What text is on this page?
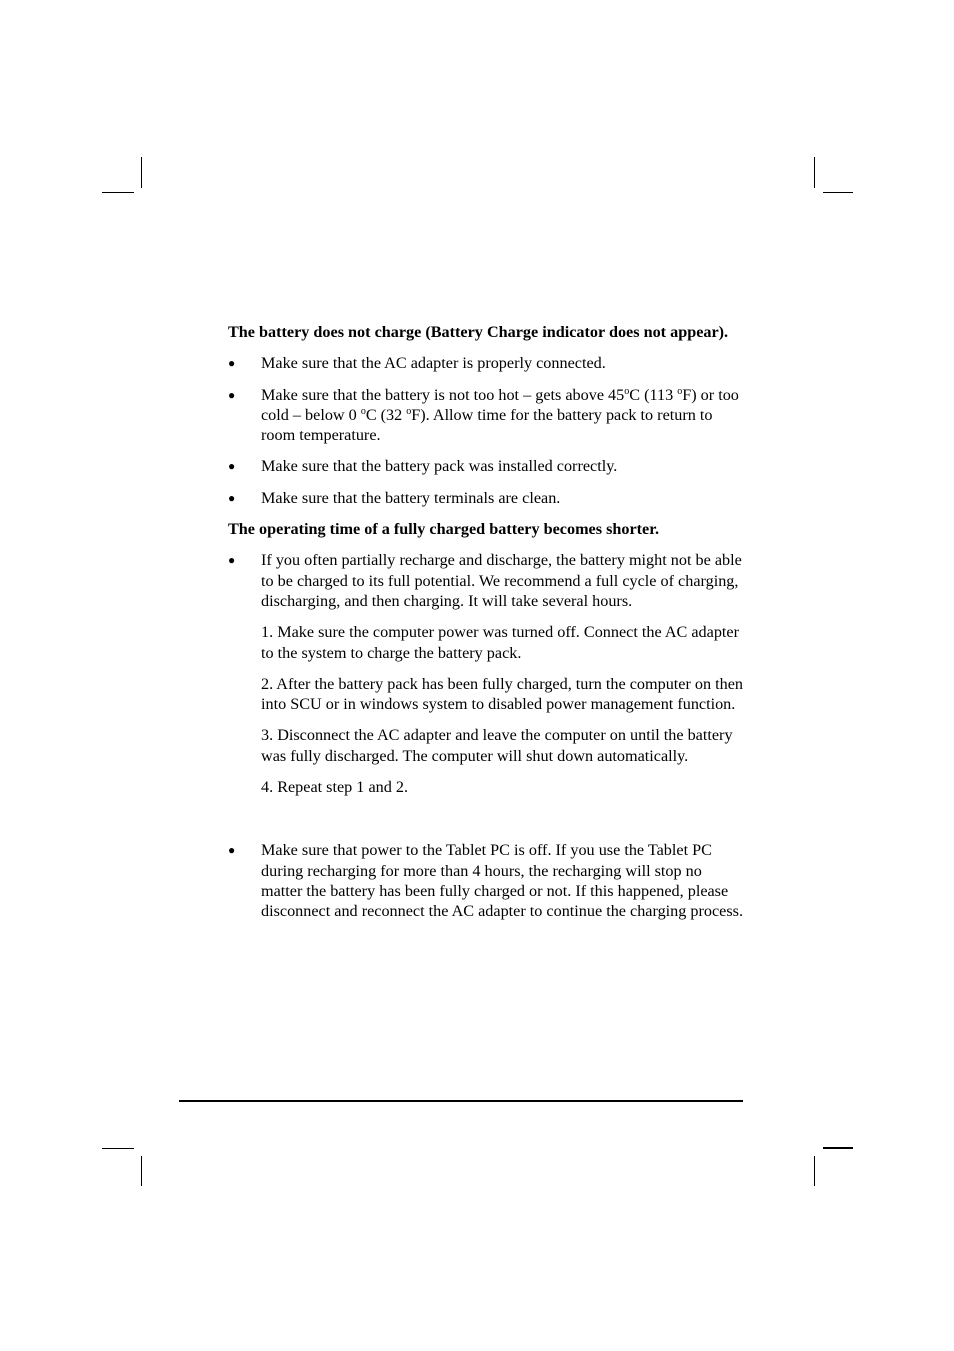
The battery does not charge (Battery Charge indicator does not appear).

●	Make sure that the AC adapter is properly connected.
●	Make sure that the battery is not too hot – gets above 45$^o$C (113 $^o$F) or too cold – below 0 $^o$C (32 $^o$F). Allow time for the battery pack to return to room temperature.
●	Make sure that the battery pack was installed correctly.
●	Make sure that the battery terminals are clean.

The operating time of a fully charged battery becomes shorter.

●	If you often partially recharge and discharge, the battery might not be able to be charged to its full potential. We recommend a full cycle of charging, discharging, and then charging. It will take several hours.

1. Make sure the computer power was turned off. Connect the AC adapter to the system to charge the battery pack.

2. After the battery pack has been fully charged, turn the computer on then into SCU or in windows system to disabled power management function.

3. Disconnect the AC adapter and leave the computer on until the battery was fully discharged. The computer will shut down automatically.

4. Repeat step 1 and 2.

●	Make sure that power to the Tablet PC is off. If you use the Tablet PC during recharging for more than 4 hours, the recharging will stop no matter the battery has been fully charged or not. If this happened, please disconnect and reconnect the AC adapter to continue the charging process.
